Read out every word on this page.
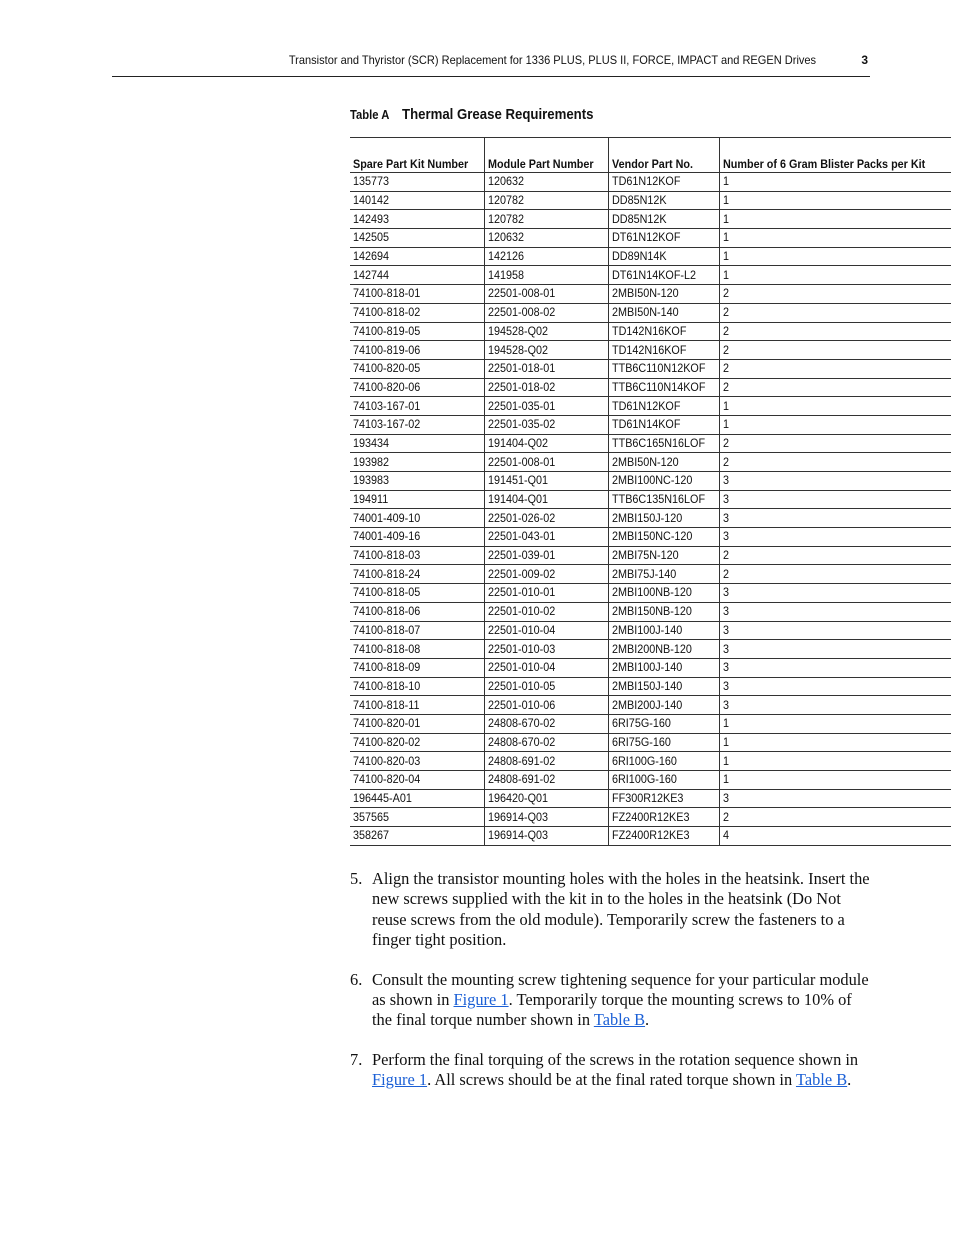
Transistor and Thyristor (SCR) Replacement for 1336 PLUS, PLUS II, FORCE, IMPACT and REGEN Drives	3
Table A Thermal Grease Requirements
Spare Part Kit Number	Module Part Number	Vendor Part No.	Number of 6 Gram Blister Packs per Kit
135773	120632	TD61N12KOF	1
140142	120782	DD85N12K	1
142493	120782	DD85N12K	1
142505	120632	DT61N12KOF	1
142694	142126	DD89N14K	1
142744	141958	DT61N14KOF-L2	1
74100-818-01	22501-008-01	2MBI50N-120	2
74100-818-02	22501-008-02	2MBI50N-140	2
74100-819-05	194528-Q02	TD142N16KOF	2
74100-819-06	194528-Q02	TD142N16KOF	2
74100-820-05	22501-018-01	TTB6C110N12KOF	2
74100-820-06	22501-018-02	TTB6C110N14KOF	2
74103-167-01	22501-035-01	TD61N12KOF	1
74103-167-02	22501-035-02	TD61N14KOF	1
193434	191404-Q02	TTB6C165N16LOF	2
193982	22501-008-01	2MBI50N-120	2
193983	191451-Q01	2MBI100NC-120	3
194911	191404-Q01	TTB6C135N16LOF	3
74001-409-10	22501-026-02	2MBI150J-120	3
74001-409-16	22501-043-01	2MBI150NC-120	3
74100-818-03	22501-039-01	2MBI75N-120	2
74100-818-24	22501-009-02	2MBI75J-140	2
74100-818-05	22501-010-01	2MBI100NB-120	3
74100-818-06	22501-010-02	2MBI150NB-120	3
74100-818-07	22501-010-04	2MBI100J-140	3
74100-818-08	22501-010-03	2MBI200NB-120	3
74100-818-09	22501-010-04	2MBI100J-140	3
74100-818-10	22501-010-05	2MBI150J-140	3
74100-818-11	22501-010-06	2MBI200J-140	3
74100-820-01	24808-670-02	6RI75G-160	1
74100-820-02	24808-670-02	6RI75G-160	1
74100-820-03	24808-691-02	6RI100G-160	1
74100-820-04	24808-691-02	6RI100G-160	1
196445-A01	196420-Q01	FF300R12KE3	3
357565	196914-Q03	FZ2400R12KE3	2
358267	196914-Q03	FZ2400R12KE3	4
5. Align the transistor mounting holes with the holes in the heatsink. Insert the new screws supplied with the kit in to the holes in the heatsink (Do Not reuse screws from the old module). Temporarily screw the fasteners to a finger tight position.
6. Consult the mounting screw tightening sequence for your particular module as shown in Figure 1. Temporarily torque the mounting screws to 10% of the final torque number shown in Table B.
7. Perform the final torquing of the screws in the rotation sequence shown in Figure 1. All screws should be at the final rated torque shown in Table B.
